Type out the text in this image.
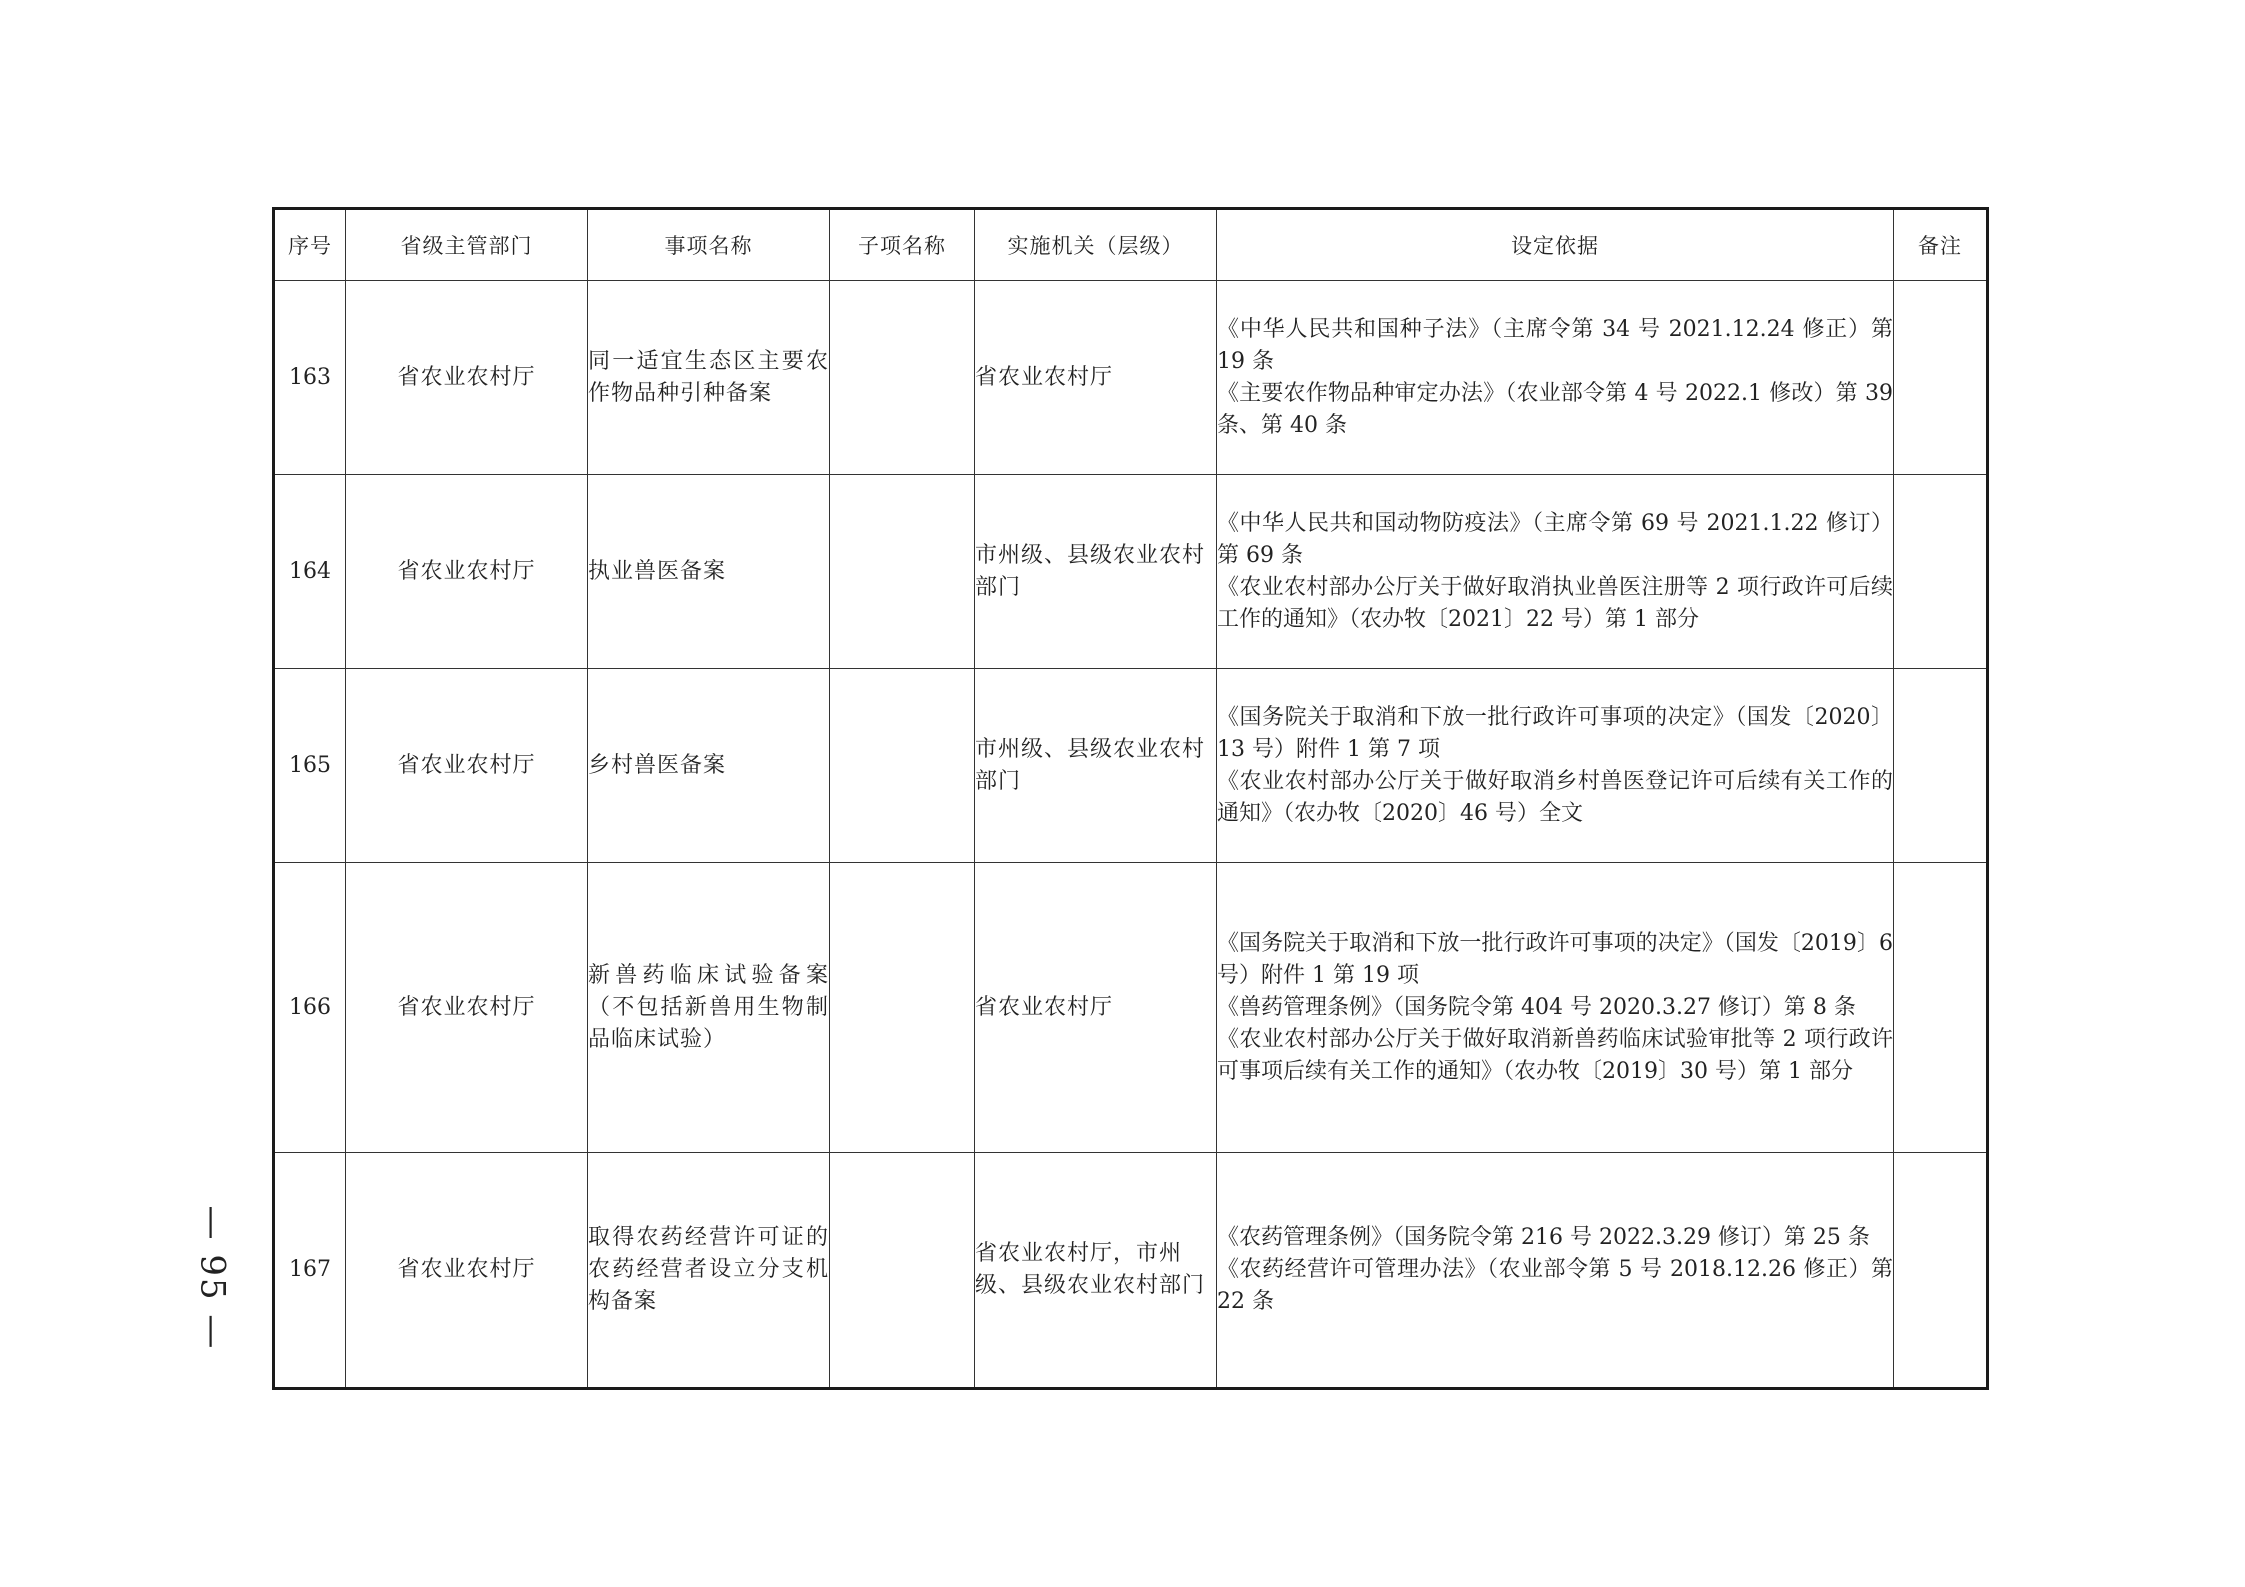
序号	省级主管部门	事项名称	子项名称	实施机关（层级）	设定依据	备注
163	省农业农村厅	同一适宜生态区主要农作物品种引种备案		省农业农村厅	《中华人民共和国种子法》（主席令第 34 号 2021.12.24 修正）第 19 条
《主要农作物品种审定办法》（农业部令第 4 号 2022.1 修改）第 39 条、第 40 条	

164	省农业农村厅	执业兽医备案		市州级、县级农业农村部门	《中华人民共和国动物防疫法》（主席令第 69 号 2021.1.22 修订）第 69 条
《农业农村部办公厅关于做好取消执业兽医注册等 2 项行政许可后续工作的通知》（农办牧〔2021〕22 号）第 1 部分	

165	省农业农村厅	乡村兽医备案		市州级、县级农业农村部门	《国务院关于取消和下放一批行政许可事项的决定》（国发〔2020〕13 号）附件 1 第 7 项
《农业农村部办公厅关于做好取消乡村兽医登记许可后续有关工作的通知》（农办牧〔2020〕46 号）全文	

166	省农业农村厅	新兽药临床试验备案（不包括新兽用生物制品临床试验）		省农业农村厅	《国务院关于取消和下放一批行政许可事项的决定》（国发〔2019〕6 号）附件 1 第 19 项
《兽药管理条例》（国务院令第 404 号 2020.3.27 修订）第 8 条
《农业农村部办公厅关于做好取消新兽药临床试验审批等 2 项行政许可事项后续有关工作的通知》（农办牧〔2019〕30 号）第 1 部分	

167	省农业农村厅	取得农药经营许可证的农药经营者设立分支机构备案		省农业农村厅，市州级、县级农业农村部门	《农药管理条例》（国务院令第 216 号 2022.3.29 修订）第 25 条
《农药经营许可管理办法》（农业部令第 5 号 2018.12.26 修正）第 22 条	

— 95 —
